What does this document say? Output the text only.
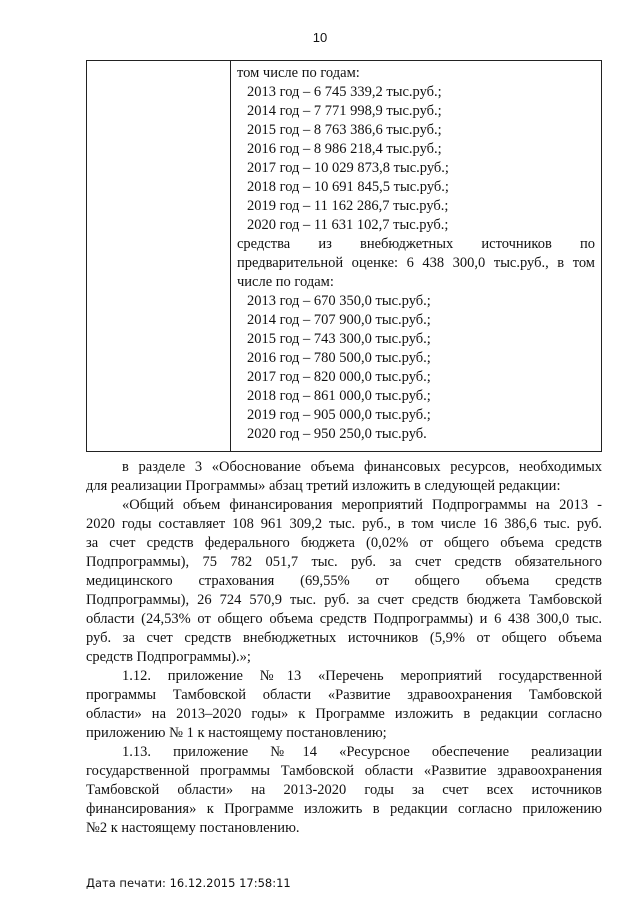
10
том числе по годам:
2013 год – 6 745 339,2 тыс.руб.;
2014 год – 7 771 998,9 тыс.руб.;
2015 год – 8 763 386,6 тыс.руб.;
2016 год – 8 986 218,4 тыс.руб.;
2017 год – 10 029 873,8 тыс.руб.;
2018 год – 10 691 845,5 тыс.руб.;
2019 год – 11 162 286,7 тыс.руб.;
2020 год – 11 631 102,7 тыс.руб.;
средства из внебюджетных источников по
предварительной оценке: 6 438 300,0 тыс.руб., в том
числе по годам:
2013 год – 670 350,0 тыс.руб.;
2014 год – 707 900,0 тыс.руб.;
2015 год – 743 300,0 тыс.руб.;
2016 год – 780 500,0 тыс.руб.;
2017 год – 820 000,0 тыс.руб.;
2018 год – 861 000,0 тыс.руб.;
2019 год – 905 000,0 тыс.руб.;
2020 год – 950 250,0 тыс.руб.
в разделе 3 «Обоснование объема финансовых ресурсов, необходимых
для реализации Программы» абзац третий изложить в следующей редакции:
«Общий объем финансирования мероприятий Подпрограммы на 2013 -
2020 годы составляет 108 961 309,2 тыс. руб., в том числе 16 386,6 тыс. руб.
за счет средств федерального бюджета (0,02% от общего объема средств
Подпрограммы), 75 782 051,7 тыс. руб. за счет средств обязательного
медицинского страхования (69,55% от общего объема средств
Подпрограммы), 26 724 570,9 тыс. руб. за счет средств бюджета Тамбовской
области (24,53% от общего объема средств Подпрограммы) и 6 438 300,0 тыс.
руб. за счет средств внебюджетных источников (5,9% от общего объема
средств Подпрограммы).»;
1.12. приложение №13 «Перечень мероприятий государственной
программы Тамбовской области «Развитие здравоохранения Тамбовской
области» на 2013–2020 годы» к Программе изложить в редакции согласно
приложению № 1 к настоящему постановлению;
1.13. приложение №14 «Ресурсное обеспечение реализации
государственной программы Тамбовской области «Развитие здравоохранения
Тамбовской области» на 2013-2020 годы за счет всех источников
финансирования» к Программе изложить в редакции согласно приложению
№2 к настоящему постановлению.
Дата печати: 16.12.2015 17:58:11
